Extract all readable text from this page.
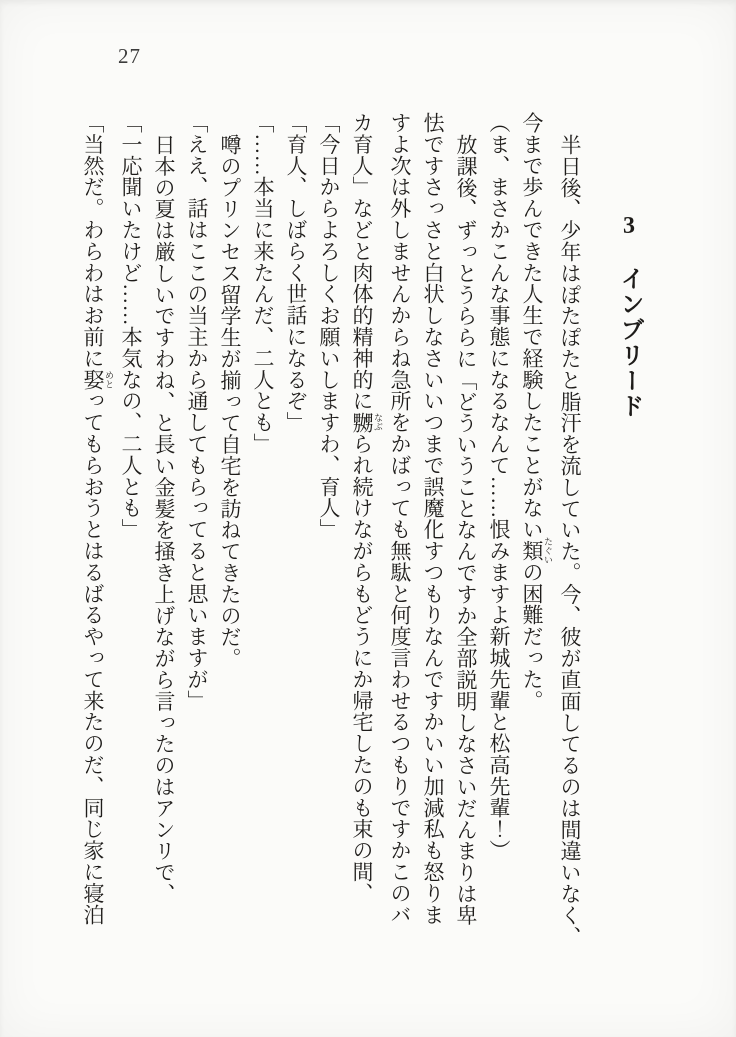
27
3　インブリード
半日後、少年はぽたぽたと脂汗を流していた。今、彼が直面してるのは間違いなく、
今まで歩んできた人生で経験したことがない類 たぐいの困難だった。
（ま、まさかこんな事態になるなんて……恨みますよ新城先輩と松高先輩！）
放課後、ずっとうららに「どういうことなんですか全部説明しなさいだんまりは卑
怯ですさっさと白状しなさいいつまで誤魔化すつもりなんですかいい加減私も怒りま
すよ次は外しませんからね急所をかばっても無駄と何度言わせるつもりですかこのバ
カ育人」などと肉体的精神的に嬲 なぶられ続けながらもどうにか帰宅したのも束の間、
「今日からよろしくお願いしますわ、育人」
「育人、しばらく世話になるぞ」
「……本当に来たんだ、二人とも」
噂のプリンセス留学生が揃って自宅を訪ねてきたのだ。
「ええ、話はここの当主から通してもらってると思いますが」
日本の夏は厳しいですわね、と長い金髪を掻き上げながら言ったのはアンリで、
「一応聞いたけど……本気なの、二人とも」
「当然だ。わらわはお前に娶 めとってもらおうとはるばるやって来たのだ、同じ家に寝泊
